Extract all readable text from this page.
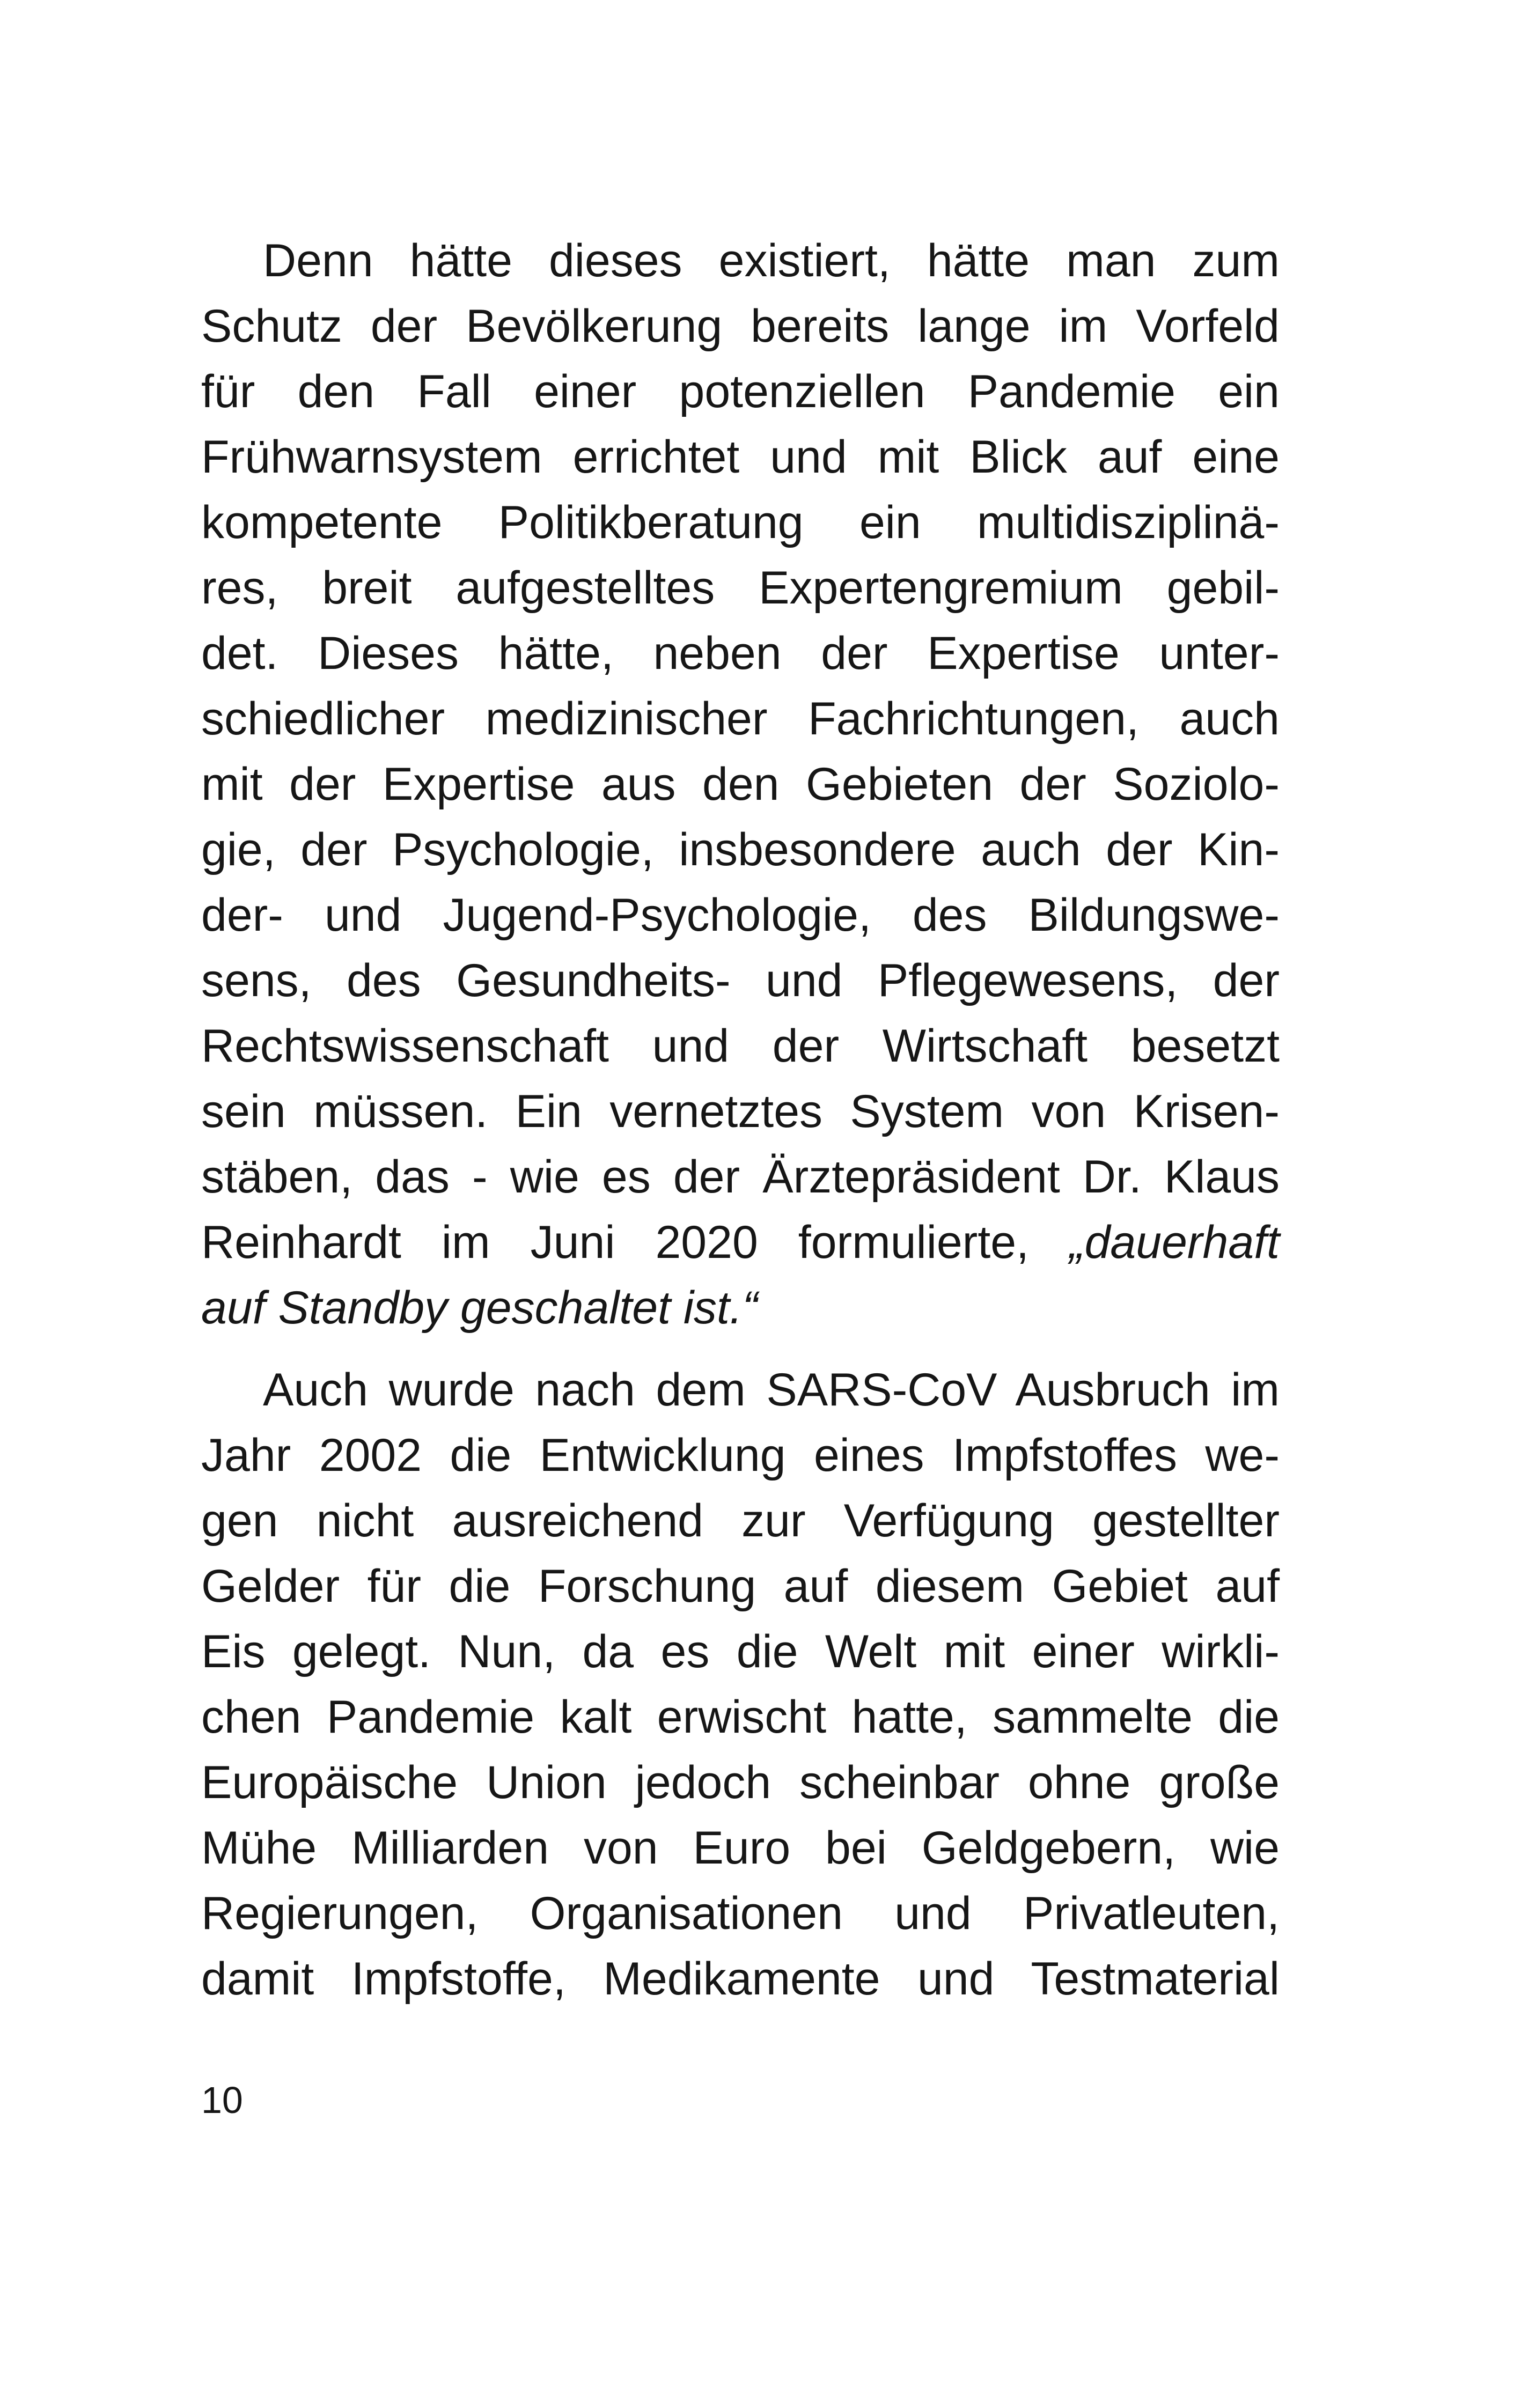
Denn hätte dieses existiert, hätte man zum
Schutz der Bevölkerung bereits lange im Vorfeld
für den Fall einer potenziellen Pandemie ein
Frühwarnsystem errichtet und mit Blick auf eine
kompetente Politikberatung ein multidisziplinä-
res, breit aufgestelltes Expertengremium gebil-
det. Dieses hätte, neben der Expertise unter-
schiedlicher medizinischer Fachrichtungen, auch
mit der Expertise aus den Gebieten der Soziolo-
gie, der Psychologie, insbesondere auch der Kin-
der- und Jugend-Psychologie, des Bildungswe-
sens, des Gesundheits- und Pflegewesens, der
Rechtswissenschaft und der Wirtschaft besetzt
sein müssen. Ein vernetztes System von Krisen-
stäben, das - wie es der Ärztepräsident Dr. Klaus
Reinhardt im Juni 2020 formulierte, „dauerhaft
auf Standby geschaltet ist.“
Auch wurde nach dem SARS-CoV Ausbruch im
Jahr 2002 die Entwicklung eines Impfstoffes we-
gen nicht ausreichend zur Verfügung gestellter
Gelder für die Forschung auf diesem Gebiet auf
Eis gelegt. Nun, da es die Welt mit einer wirkli-
chen Pandemie kalt erwischt hatte, sammelte die
Europäische Union jedoch scheinbar ohne große
Mühe Milliarden von Euro bei Geldgebern, wie
Regierungen, Organisationen und Privatleuten,
damit Impfstoffe, Medikamente und Testmaterial
10
